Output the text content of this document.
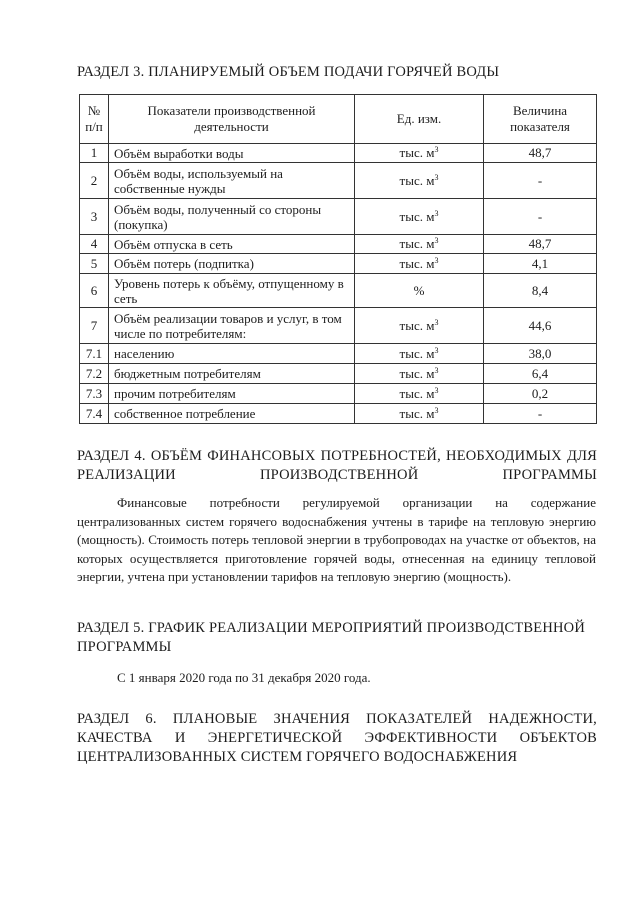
РАЗДЕЛ 3. ПЛАНИРУЕМЫЙ ОБЪЕМ ПОДАЧИ ГОРЯЧЕЙ ВОДЫ
№ п/п	Показатели производственной деятельности	Ед. изм.	Величина показателя
1	Объём выработки воды	тыс. $м^3$	48,7
2	Объём воды, используемый на собственные нужды	тыс. $м^3$	-
3	Объём воды, полученный со стороны (покупка)	тыс. $м^3$	-
4	Объём отпуска в сеть	тыс. $м^3$	48,7
5	Объём потерь (подпитка)	тыс. $м^3$	4,1
6	Уровень потерь к объёму, отпущенному в сеть	%	8,4
7	Объём реализации товаров и услуг, в том числе по потребителям:	тыс. $м^3$	44,6
7.1	населению	тыс. $м^3$	38,0
7.2	бюджетным потребителям	тыс. $м^3$	6,4
7.3	прочим потребителям	тыс. $м^3$	0,2
7.4	собственное потребление	тыс. $м^3$	-
РАЗДЕЛ 4. ОБЪЁМ ФИНАНСОВЫХ ПОТРЕБНОСТЕЙ, НЕОБХОДИМЫХ ДЛЯ РЕАЛИЗАЦИИ ПРОИЗВОДСТВЕННОЙ ПРОГРАММЫ
Финансовые потребности регулируемой организации на содержание централизованных систем горячего водоснабжения учтены в тарифе на тепловую энергию (мощность). Стоимость потерь тепловой энергии в трубопроводах на участке от объектов, на которых осуществляется приготовление горячей воды, отнесенная на единицу тепловой энергии, учтена при установлении тарифов на тепловую энергию (мощность).
РАЗДЕЛ 5. ГРАФИК РЕАЛИЗАЦИИ МЕРОПРИЯТИЙ ПРОИЗВОДСТВЕННОЙ ПРОГРАММЫ
С 1 января 2020 года по 31 декабря 2020 года.
РАЗДЕЛ 6. ПЛАНОВЫЕ ЗНАЧЕНИЯ ПОКАЗАТЕЛЕЙ НАДЕЖНОСТИ, КАЧЕСТВА И ЭНЕРГЕТИЧЕСКОЙ ЭФФЕКТИВНОСТИ ОБЪЕКТОВ ЦЕНТРАЛИЗОВАННЫХ СИСТЕМ ГОРЯЧЕГО ВОДОСНАБЖЕНИЯ
